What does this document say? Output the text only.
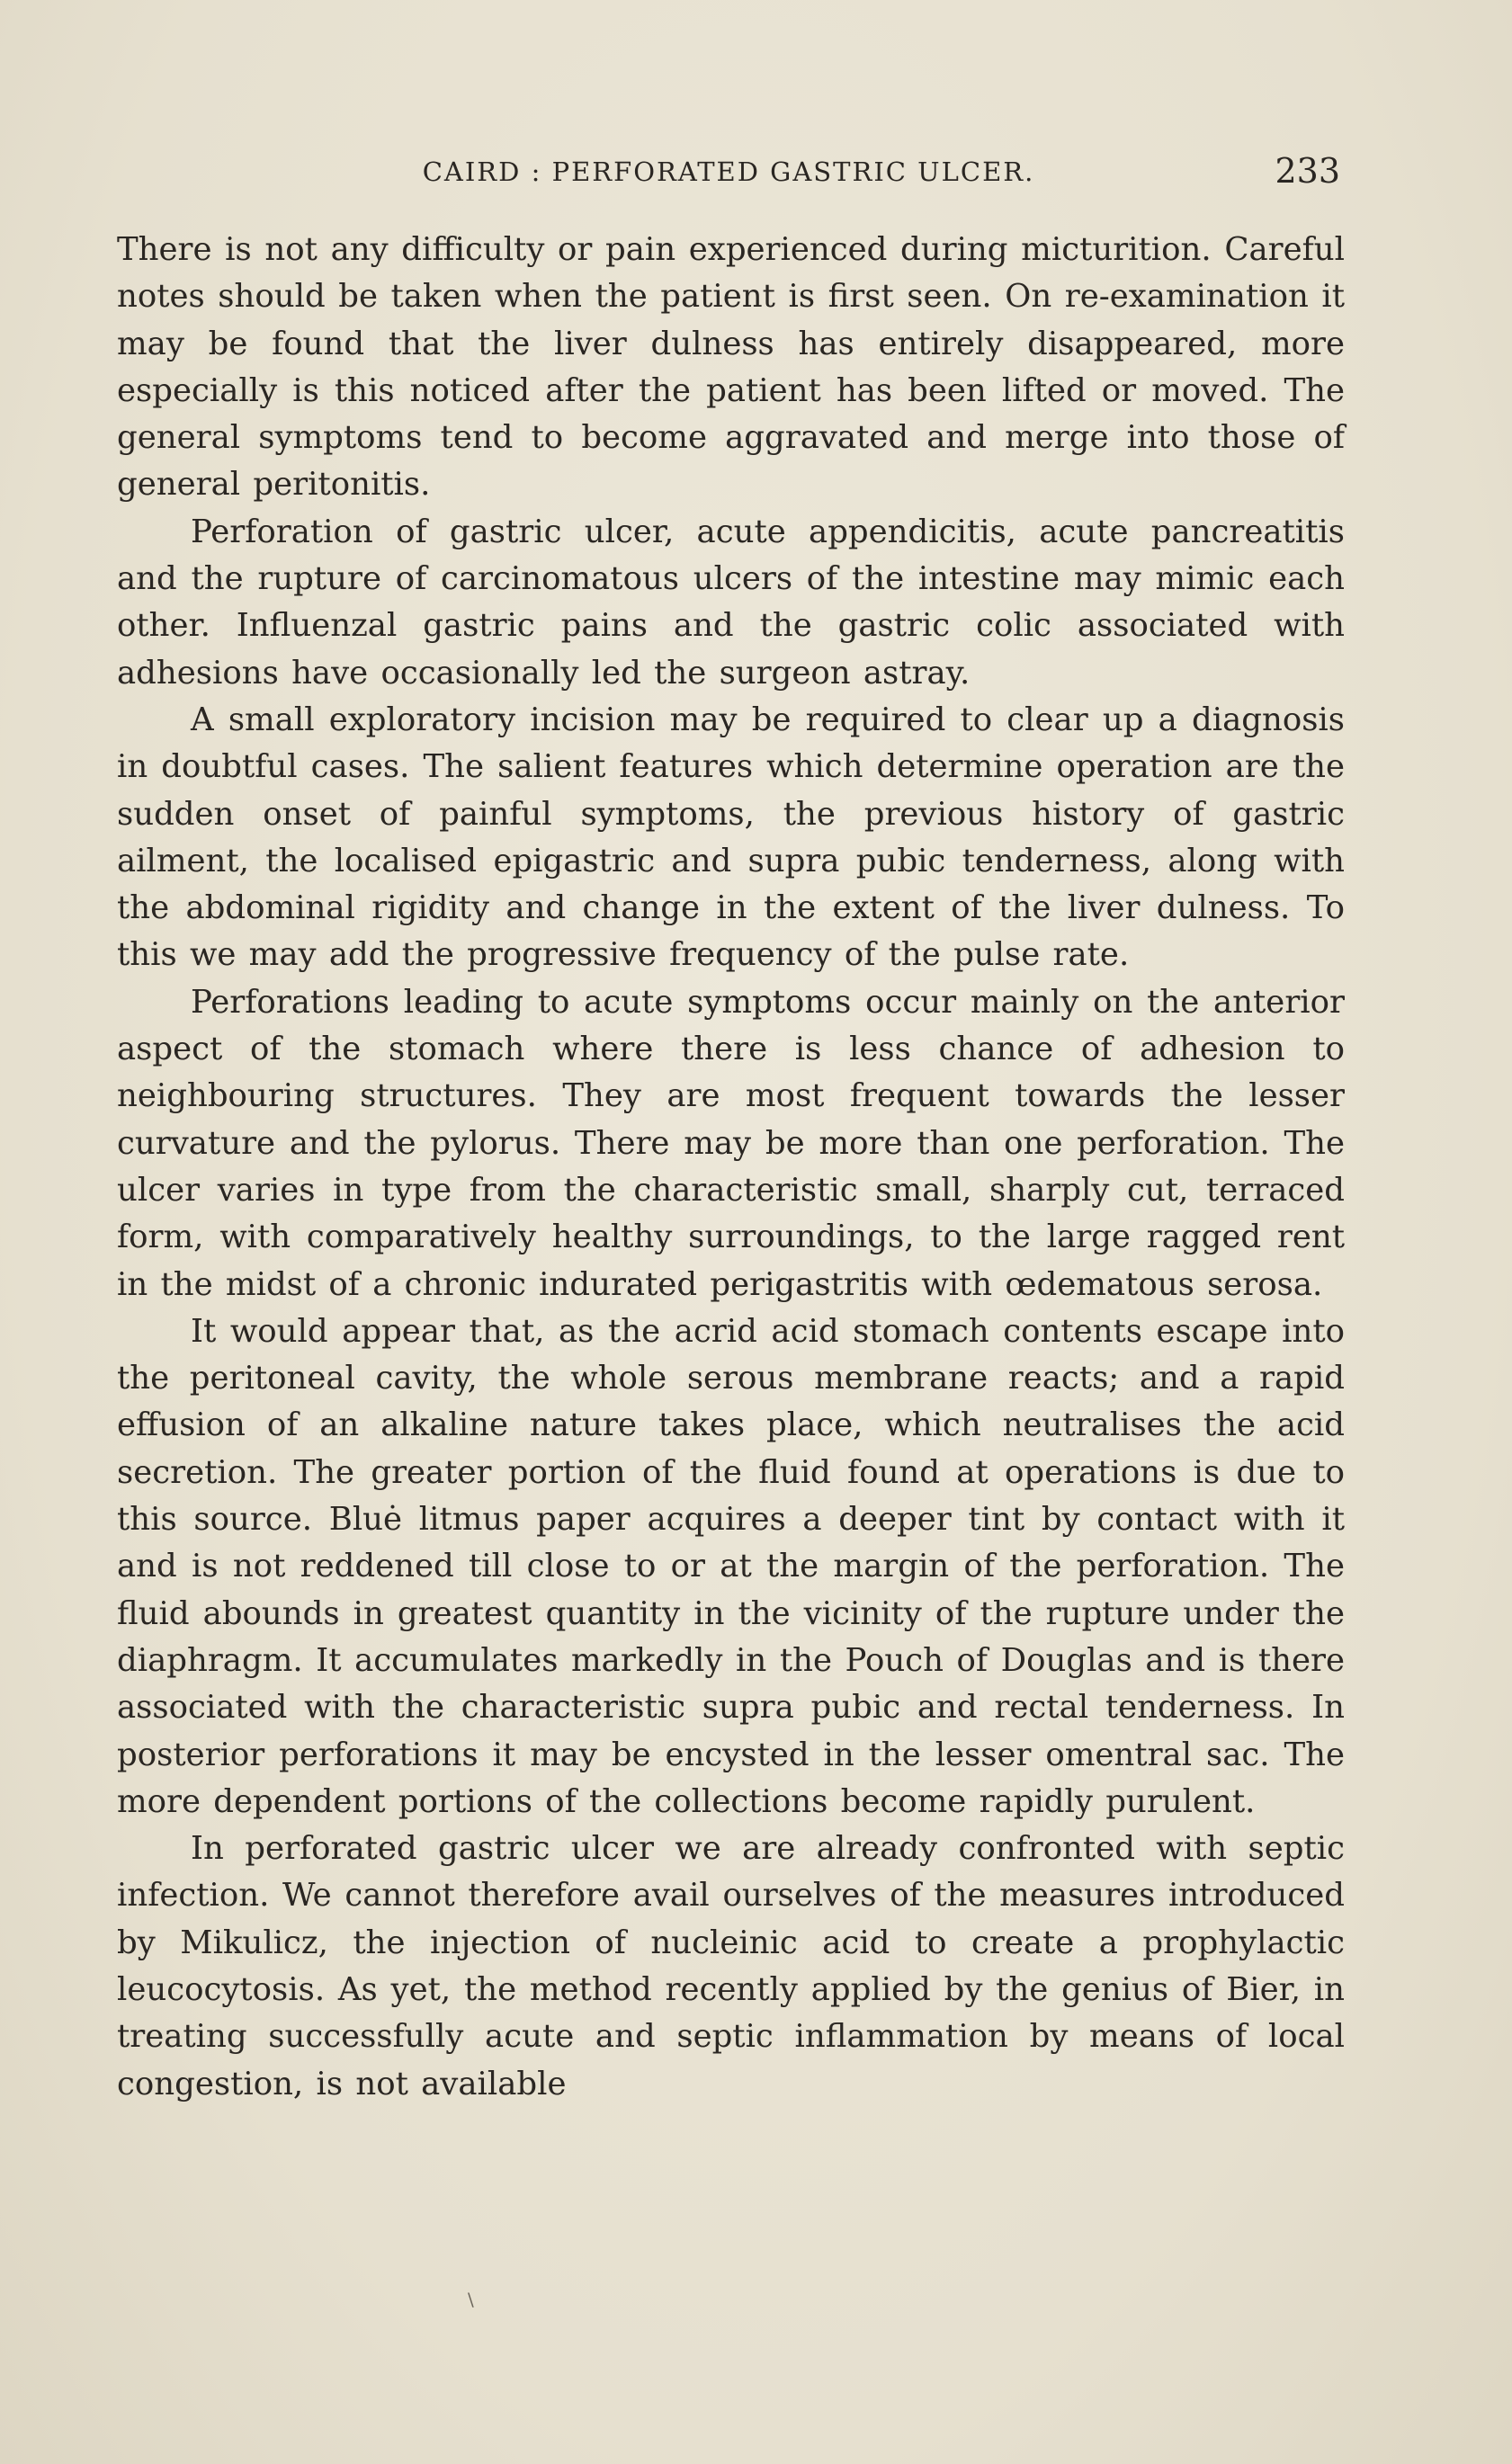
CAIRD : PERFORATED GASTRIC ULCER.	233

There is not any difficulty or pain experienced during micturition. Careful notes should be taken when the patient is first seen. On re-examination it may be found that the liver dulness has entirely disappeared, more especially is this noticed after the patient has been lifted or moved. The general symptoms tend to become aggravated and merge into those of general peritonitis.

Perforation of gastric ulcer, acute appendicitis, acute pancreatitis and the rupture of carcinomatous ulcers of the intestine may mimic each other. Influenzal gastric pains and the gastric colic associated with adhesions have occasionally led the surgeon astray.

A small exploratory incision may be required to clear up a diagnosis in doubtful cases. The salient features which determine operation are the sudden onset of painful symptoms, the previous history of gastric ailment, the localised epigastric and supra pubic tenderness, along with the abdominal rigidity and change in the extent of the liver dulness. To this we may add the progressive frequency of the pulse rate.

Perforations leading to acute symptoms occur mainly on the anterior aspect of the stomach where there is less chance of adhesion to neighbouring structures. They are most frequent towards the lesser curvature and the pylorus. There may be more than one perforation. The ulcer varies in type from the characteristic small, sharply cut, terraced form, with comparatively healthy surroundings, to the large ragged rent in the midst of a chronic indurated perigastritis with œdematous serosa.

It would appear that, as the acrid acid stomach contents escape into the peritoneal cavity, the whole serous membrane reacts; and a rapid effusion of an alkaline nature takes place, which neutralises the acid secretion. The greater portion of the fluid found at operations is due to this source. Bluė litmus paper acquires a deeper tint by contact with it and is not reddened till close to or at the margin of the perforation. The fluid abounds in greatest quantity in the vicinity of the rupture under the diaphragm. It accumulates markedly in the Pouch of Douglas and is there associated with the characteristic supra pubic and rectal tenderness. In posterior perforations it may be encysted in the lesser omentral sac. The more dependent portions of the collections become rapidly purulent.

In perforated gastric ulcer we are already confronted with septic infection. We cannot therefore avail ourselves of the measures introduced by Mikulicz, the injection of nucleinic acid to create a prophylactic leucocytosis. As yet, the method recently applied by the genius of Bier, in treating successfully acute and septic inflammation by means of local congestion, is not available

\
